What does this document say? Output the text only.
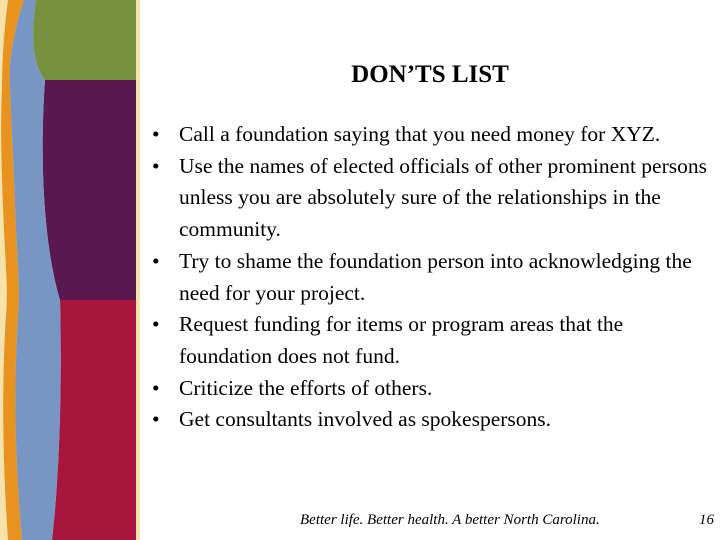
DON’TS LIST
• Call a foundation saying that you need money for XYZ.
• Use the names of elected officials of other prominent persons unless you are absolutely sure of the relationships in the community.
• Try to shame the foundation person into acknowledging the need for your project.
• Request funding for items or program areas that the foundation does not fund.
• Criticize the efforts of others.
• Get consultants involved as spokespersons.
Better life. Better health. A better North Carolina.	16
